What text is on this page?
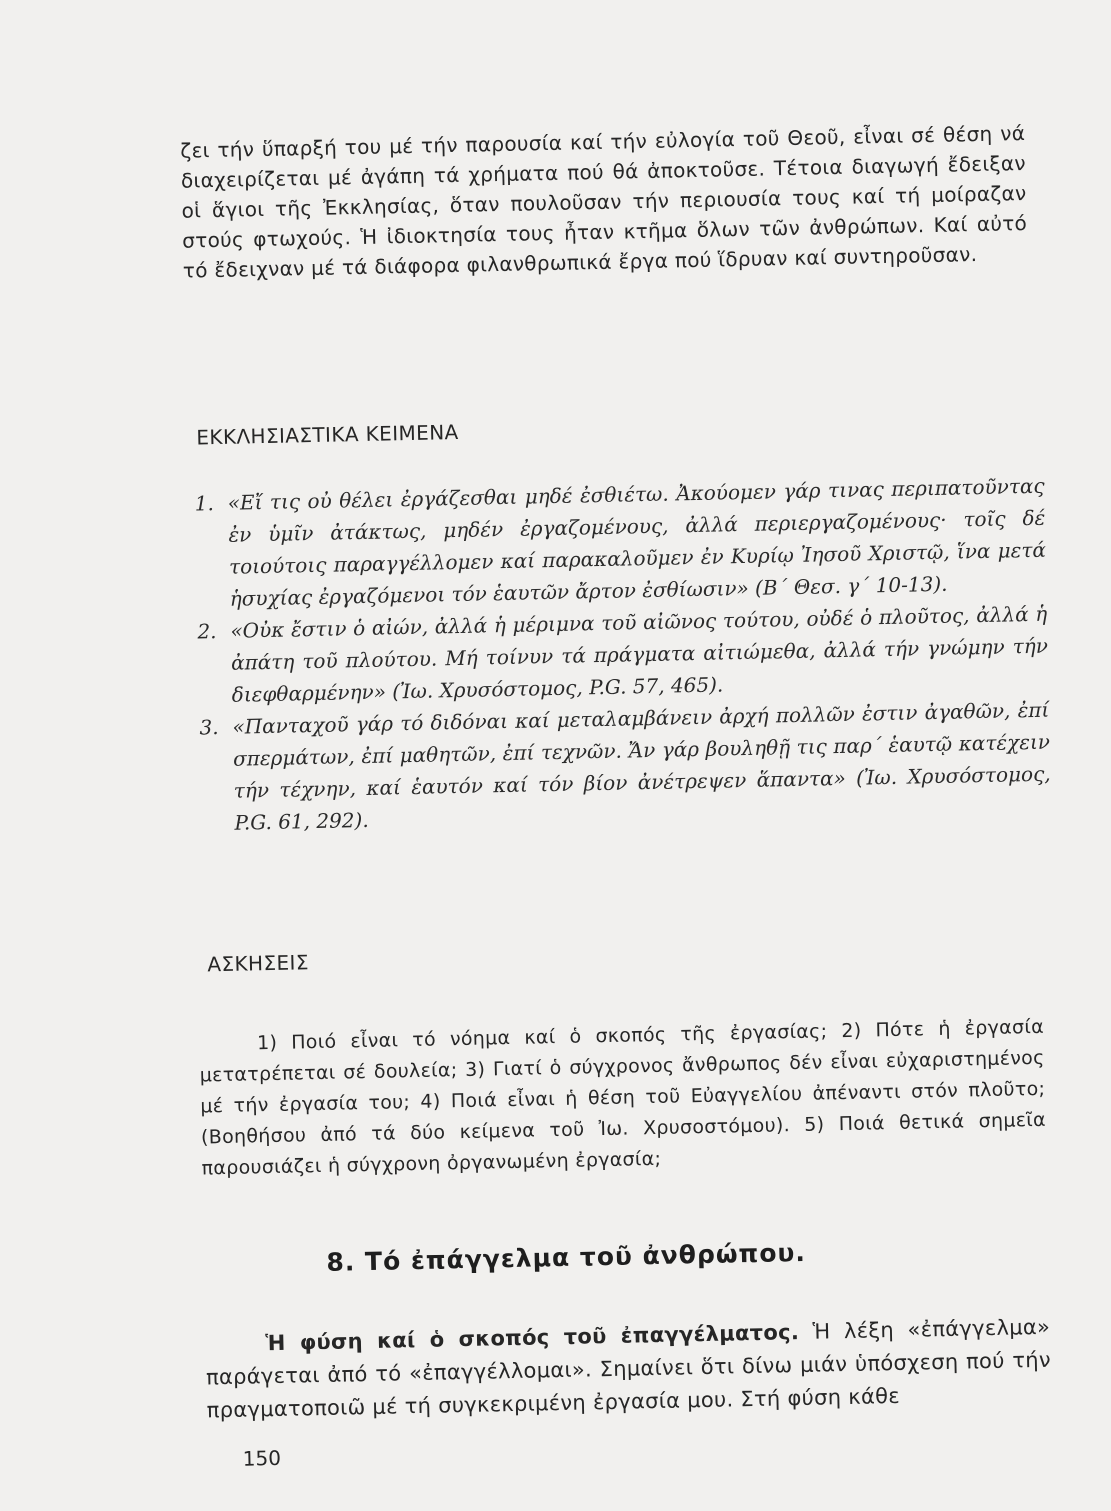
ζει τήν ὕπαρξή του μέ τήν παρουσία καί τήν εὐλογία τοῦ Θεοῦ, εἶναι σέ θέση νά διαχειρίζεται μέ ἀγάπη τά χρήματα πού θά ἀποκτοῦσε. Τέτοια διαγωγή ἔδειξαν οἱ ἅγιοι τῆς Ἐκκλησίας, ὅταν πουλοῦσαν τήν περιουσία τους καί τή μοίραζαν στούς φτωχούς. Ἡ ἰδιοκτησία τους ἦταν κτῆμα ὅλων τῶν ἀνθρώπων. Καί αὐτό τό ἔδειχναν μέ τά διάφορα φιλανθρωπικά ἔργα πού ἵδρυαν καί συντηροῦσαν.

ΕΚΚΛΗΣΙΑΣΤΙΚΑ ΚΕΙΜΕΝΑ
1. «Εἴ τις οὐ θέλει ἐργάζεσθαι μηδέ ἐσθιέτω. Ἀκούομεν γάρ τινας περιπατοῦντας ἐν ὑμῖν ἀτάκτως, μηδέν ἐργαζομένους, ἀλλά περιεργαζομένους· τοῖς δέ τοιούτοις παραγγέλλομεν καί παρακαλοῦμεν ἐν Κυρίῳ Ἰησοῦ Χριστῷ, ἵνα μετά ἡσυχίας ἐργαζόμενοι τόν ἑαυτῶν ἄρτον ἐσθίωσιν» (Β΄ Θεσ. γ΄ 10-13).
2. «Οὐκ ἔστιν ὁ αἰών, ἀλλά ἡ μέριμνα τοῦ αἰῶνος τούτου, οὐδέ ὁ πλοῦτος, ἀλλά ἡ ἀπάτη τοῦ πλούτου. Μή τοίνυν τά πράγματα αἰτιώμεθα, ἀλλά τήν γνώμην τήν διεφθαρμένην» (Ἰω. Χρυσόστομος, P.G. 57, 465).
3. «Πανταχοῦ γάρ τό διδόναι καί μεταλαμβάνειν ἀρχή πολλῶν ἐστιν ἀγαθῶν, ἐπί σπερμάτων, ἐπί μαθητῶν, ἐπί τεχνῶν. Ἄν γάρ βουληθῇ τις παρ΄ ἑαυτῷ κατέχειν τήν τέχνην, καί ἑαυτόν καί τόν βίον ἀνέτρεψεν ἅπαντα» (Ἰω. Χρυσόστομος, P.G. 61, 292).
ΑΣΚΗΣΕΙΣ

1) Ποιό εἶναι τό νόημα καί ὁ σκοπός τῆς ἐργασίας; 2) Πότε ἡ ἐργασία μετατρέπεται σέ δουλεία; 3) Γιατί ὁ σύγχρονος ἄνθρωπος δέν εἶναι εὐχαριστημένος μέ τήν ἐργασία του; 4) Ποιά εἶναι ἡ θέση τοῦ Εὐαγγελίου ἀπέναντι στόν πλοῦτο; (Βοηθήσου ἀπό τά δύο κείμενα τοῦ Ἰω. Χρυσοστόμου). 5) Ποιά θετικά σημεῖα παρουσιάζει ἡ σύγχρονη ὀργανωμένη ἐργασία;

8. Τό ἐπάγγελμα τοῦ ἀνθρώπου.

Ἡ φύση καί ὁ σκοπός τοῦ ἐπαγγέλματος. Ἡ λέξη «ἐπάγγελμα» παράγεται ἀπό τό «ἐπαγγέλλομαι». Σημαίνει ὅτι δίνω μιάν ὑπόσχεση πού τήν πραγματοποιῶ μέ τή συγκεκριμένη ἐργασία μου. Στή φύση κάθε

150
